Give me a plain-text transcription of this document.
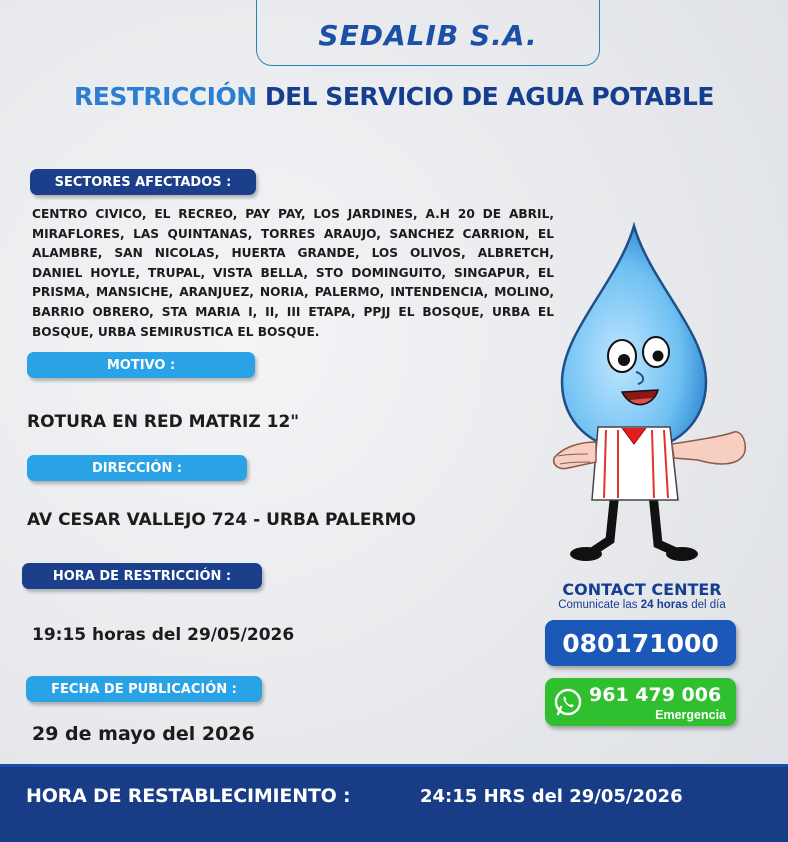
SEDALIB S.A.
RESTRICCIÓN DEL SERVICIO DE AGUA POTABLE
SECTORES AFECTADOS :
CENTRO CIVICO, EL RECREO, PAY PAY, LOS JARDINES, A.H 20 DE ABRIL, MIRAFLORES, LAS QUINTANAS, TORRES ARAUJO, SANCHEZ CARRION, EL ALAMBRE, SAN NICOLAS, HUERTA GRANDE, LOS OLIVOS, ALBRETCH, DANIEL HOYLE, TRUPAL, VISTA BELLA, STO DOMINGUITO, SINGAPUR, EL PRISMA, MANSICHE, ARANJUEZ, NORIA, PALERMO, INTENDENCIA, MOLINO, BARRIO OBRERO, STA MARIA I, II, III ETAPA, PPJJ EL BOSQUE, URBA EL BOSQUE, URBA SEMIRUSTICA EL BOSQUE.
MOTIVO :
ROTURA EN RED MATRIZ 12"
DIRECCIÓN :
AV CESAR VALLEJO 724 - URBA PALERMO
HORA DE RESTRICCIÓN :
19:15 horas del 29/05/2026
FECHA DE PUBLICACIÓN :
29 de mayo del 2026
CONTACT CENTER
Comunicate las 24 horas del día
080171000
961 479 006
Emergencia
HORA DE RESTABLECIMIENTO :	24:15 HRS del 29/05/2026
